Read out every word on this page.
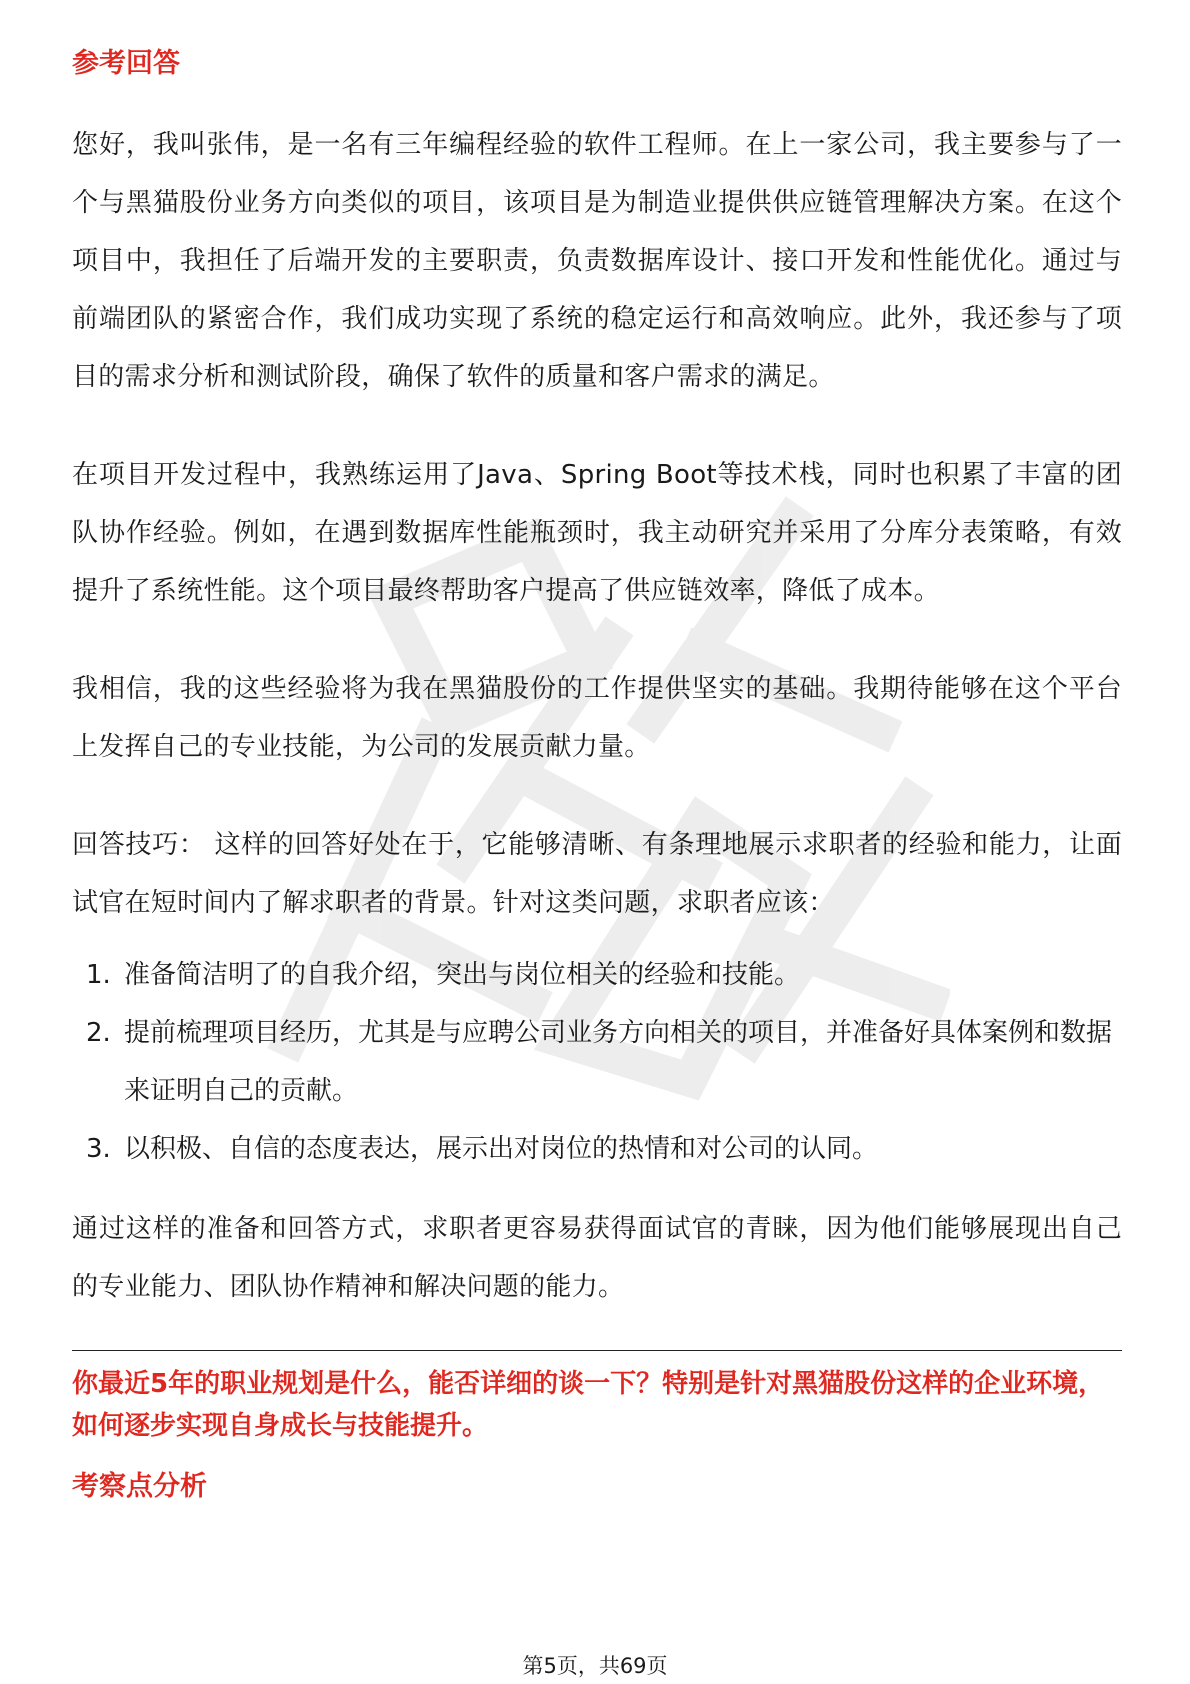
参考回答

您好，我叫张伟，是一名有三年编程经验的软件工程师。在上一家公司，我主要参与了一个与黑猫股份业务方向类似的项目，该项目是为制造业提供供应链管理解决方案。在这个项目中，我担任了后端开发的主要职责，负责数据库设计、接口开发和性能优化。通过与前端团队的紧密合作，我们成功实现了系统的稳定运行和高效响应。此外，我还参与了项目的需求分析和测试阶段，确保了软件的质量和客户需求的满足。

在项目开发过程中，我熟练运用了Java、Spring Boot等技术栈，同时也积累了丰富的团队协作经验。例如，在遇到数据库性能瓶颈时，我主动研究并采用了分库分表策略，有效提升了系统性能。这个项目最终帮助客户提高了供应链效率，降低了成本。

我相信，我的这些经验将为我在黑猫股份的工作提供坚实的基础。我期待能够在这个平台上发挥自己的专业技能，为公司的发展贡献力量。

回答技巧： 这样的回答好处在于，它能够清晰、有条理地展示求职者的经验和能力，让面试官在短时间内了解求职者的背景。针对这类问题，求职者应该：

1. 准备简洁明了的自我介绍，突出与岗位相关的经验和技能。
2. 提前梳理项目经历，尤其是与应聘公司业务方向相关的项目，并准备好具体案例和数据来证明自己的贡献。
3. 以积极、自信的态度表达，展示出对岗位的热情和对公司的认同。

通过这样的准备和回答方式，求职者更容易获得面试官的青睐，因为他们能够展现出自己的专业能力、团队协作精神和解决问题的能力。

你最近5年的职业规划是什么，能否详细的谈一下？特别是针对黑猫股份这样的企业环境，如何逐步实现自身成长与技能提升。

考察点分析
第5页，共69页
